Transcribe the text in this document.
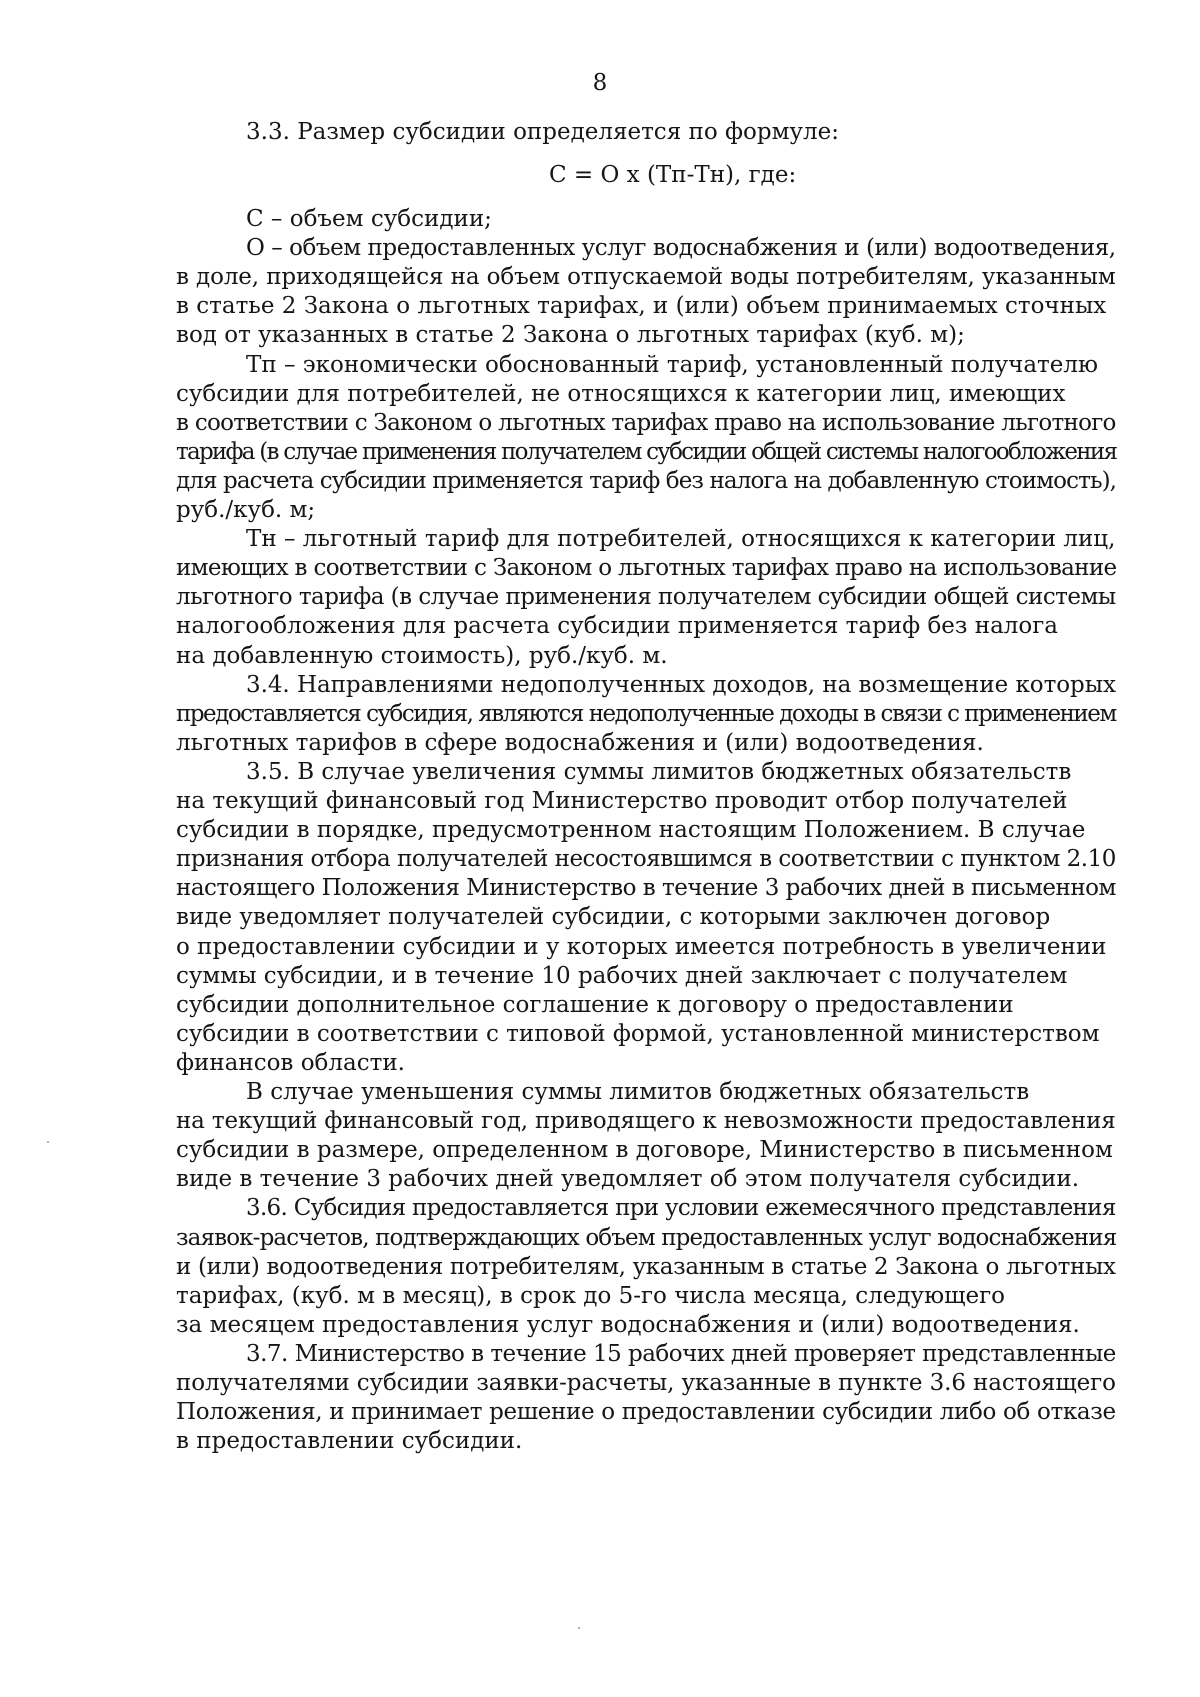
8
3.3. Размер субсидии определяется по формуле:
С = О х (Тп-Тн), где:
С – объем субсидии;
О – объем предоставленных услуг водоснабжения и (или) водоотведения,
в доле, приходящейся на объем отпускаемой воды потребителям, указанным
в статье 2 Закона о льготных тарифах, и (или) объем принимаемых сточных
вод от указанных в статье 2 Закона о льготных тарифах (куб. м);
Тп – экономически обоснованный тариф, установленный получателю
субсидии для потребителей, не относящихся к категории лиц, имеющих
в соответствии с Законом о льготных тарифах право на использование льготного
тарифа (в случае применения получателем субсидии общей системы налогообложения
для расчета субсидии применяется тариф без налога на добавленную стоимость),
руб./куб. м;
Тн – льготный тариф для потребителей, относящихся к категории лиц,
имеющих в соответствии с Законом о льготных тарифах право на использование
льготного тарифа (в случае применения получателем субсидии общей системы
налогообложения для расчета субсидии применяется тариф без налога
на добавленную стоимость), руб./куб. м.
3.4. Направлениями недополученных доходов, на возмещение которых
предоставляется субсидия, являются недополученные доходы в связи с применением
льготных тарифов в сфере водоснабжения и (или) водоотведения.
3.5. В случае увеличения суммы лимитов бюджетных обязательств
на текущий финансовый год Министерство проводит отбор получателей
субсидии в порядке, предусмотренном настоящим Положением. В случае
признания отбора получателей несостоявшимся в соответствии с пунктом 2.10
настоящего Положения Министерство в течение 3 рабочих дней в письменном
виде уведомляет получателей субсидии, с которыми заключен договор
о предоставлении субсидии и у которых имеется потребность в увеличении
суммы субсидии, и в течение 10 рабочих дней заключает с получателем
субсидии дополнительное соглашение к договору о предоставлении
субсидии в соответствии с типовой формой, установленной министерством
финансов области.
В случае уменьшения суммы лимитов бюджетных обязательств
на текущий финансовый год, приводящего к невозможности предоставления
субсидии в размере, определенном в договоре, Министерство в письменном
виде в течение 3 рабочих дней уведомляет об этом получателя субсидии.
3.6. Субсидия предоставляется при условии ежемесячного представления
заявок-расчетов, подтверждающих объем предоставленных услуг водоснабжения
и (или) водоотведения потребителям, указанным в статье 2 Закона о льготных
тарифах, (куб. м в месяц), в срок до 5-го числа месяца, следующего
за месяцем предоставления услуг водоснабжения и (или) водоотведения.
3.7. Министерство в течение 15 рабочих дней проверяет представленные
получателями субсидии заявки-расчеты, указанные в пункте 3.6 настоящего
Положения, и принимает решение о предоставлении субсидии либо об отказе
в предоставлении субсидии.
